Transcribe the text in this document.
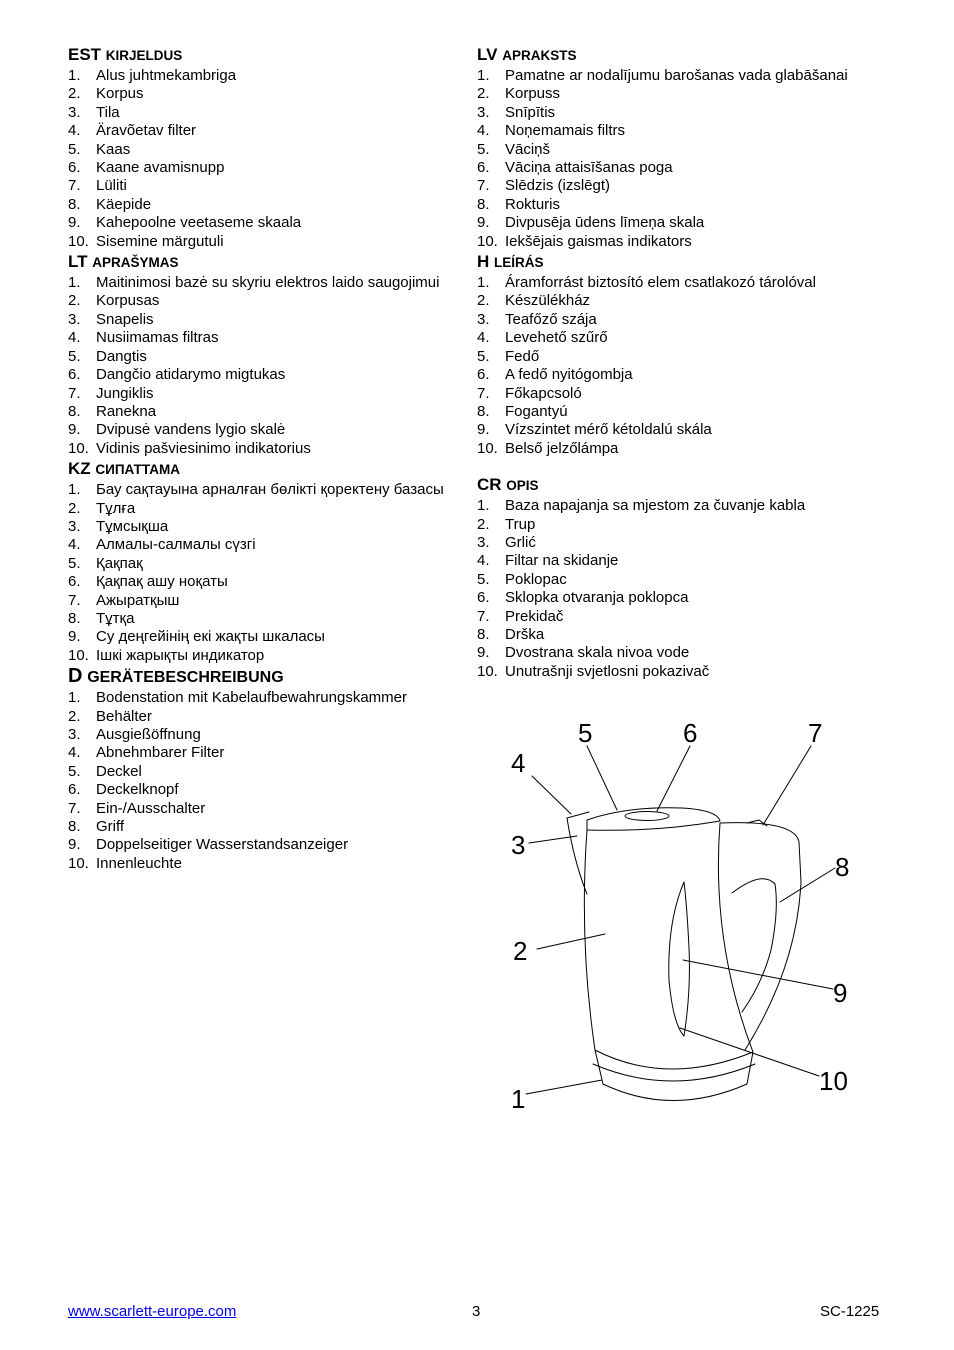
EST KIRJELDUS
1. Alus juhtmekambriga
2. Korpus
3. Tila
4. Äravõetav filter
5. Kaas
6. Kaane avamisnupp
7. Lüliti
8. Käepide
9. Kahepoolne veetaseme skaala
10. Sisemine märgutuli
LT APRAŠYMAS
1. Maitinimosi bazė su skyriu elektros laido saugojimui
2. Korpusas
3. Snapelis
4. Nusiimamas filtras
5. Dangtis
6. Dangčio atidarymo migtukas
7. Jungiklis
8. Ranekna
9. Dvipusė vandens lygio skalė
10. Vidinis pašviesinimo indikatorius
KZ СИПАТТАМА
1. Бау сақтауына арналған бөлікті қоректену базасы
2. Тұлға
3. Тұмсықша
4. Алмалы-салмалы сүзгі
5. Қақпақ
6. Қақпақ ашу ноқаты
7. Ажыратқыш
8. Тұтқа
9. Су деңгейінің екі жақты шкаласы
10. Ішкі жарықты индикатор
D GERÄTEBESCHREIBUNG
1. Bodenstation mit Kabelaufbewahrungskammer
2. Behälter
3. Ausgießöffnung
4. Abnehmbarer Filter
5. Deckel
6. Deckelknopf
7. Ein-/Ausschalter
8. Griff
9. Doppelseitiger Wasserstandsanzeiger
10. Innenleuchte
LV APRAKSTS
1. Pamatne ar nodalījumu barošanas vada glabāšanai
2. Korpuss
3. Snīpītis
4. Noņemamais filtrs
5. Vāciņš
6. Vāciņa attaisīšanas poga
7. Slēdzis (izslēgt)
8. Rokturis
9. Divpusēja ūdens līmeņa skala
10. Iekšējais gaismas indikators
H LEÍRÁS
1. Áramforrást biztosító elem csatlakozó tárolóval
2. Készülékház
3. Teafőző szája
4. Levehető szűrő
5. Fedő
6. A fedő nyitógombja
7. Főkapcsoló
8. Fogantyú
9. Vízszintet mérő kétoldalú skála
10. Belső jelzőlámpa
CR OPIS
1. Baza napajanja sa mjestom za čuvanje kabla
2. Trup
3. Grlić
4. Filtar na skidanje
5. Poklopac
6. Sklopka otvaranja poklopca
7. Prekidač
8. Drška
9. Dvostrana skala nivoa vode
10. Unutrašnji svjetlosni pokazivač
1
2
3
4
5	6	7
8
9
10
www.scarlett-europe.com	3	SC-1225
